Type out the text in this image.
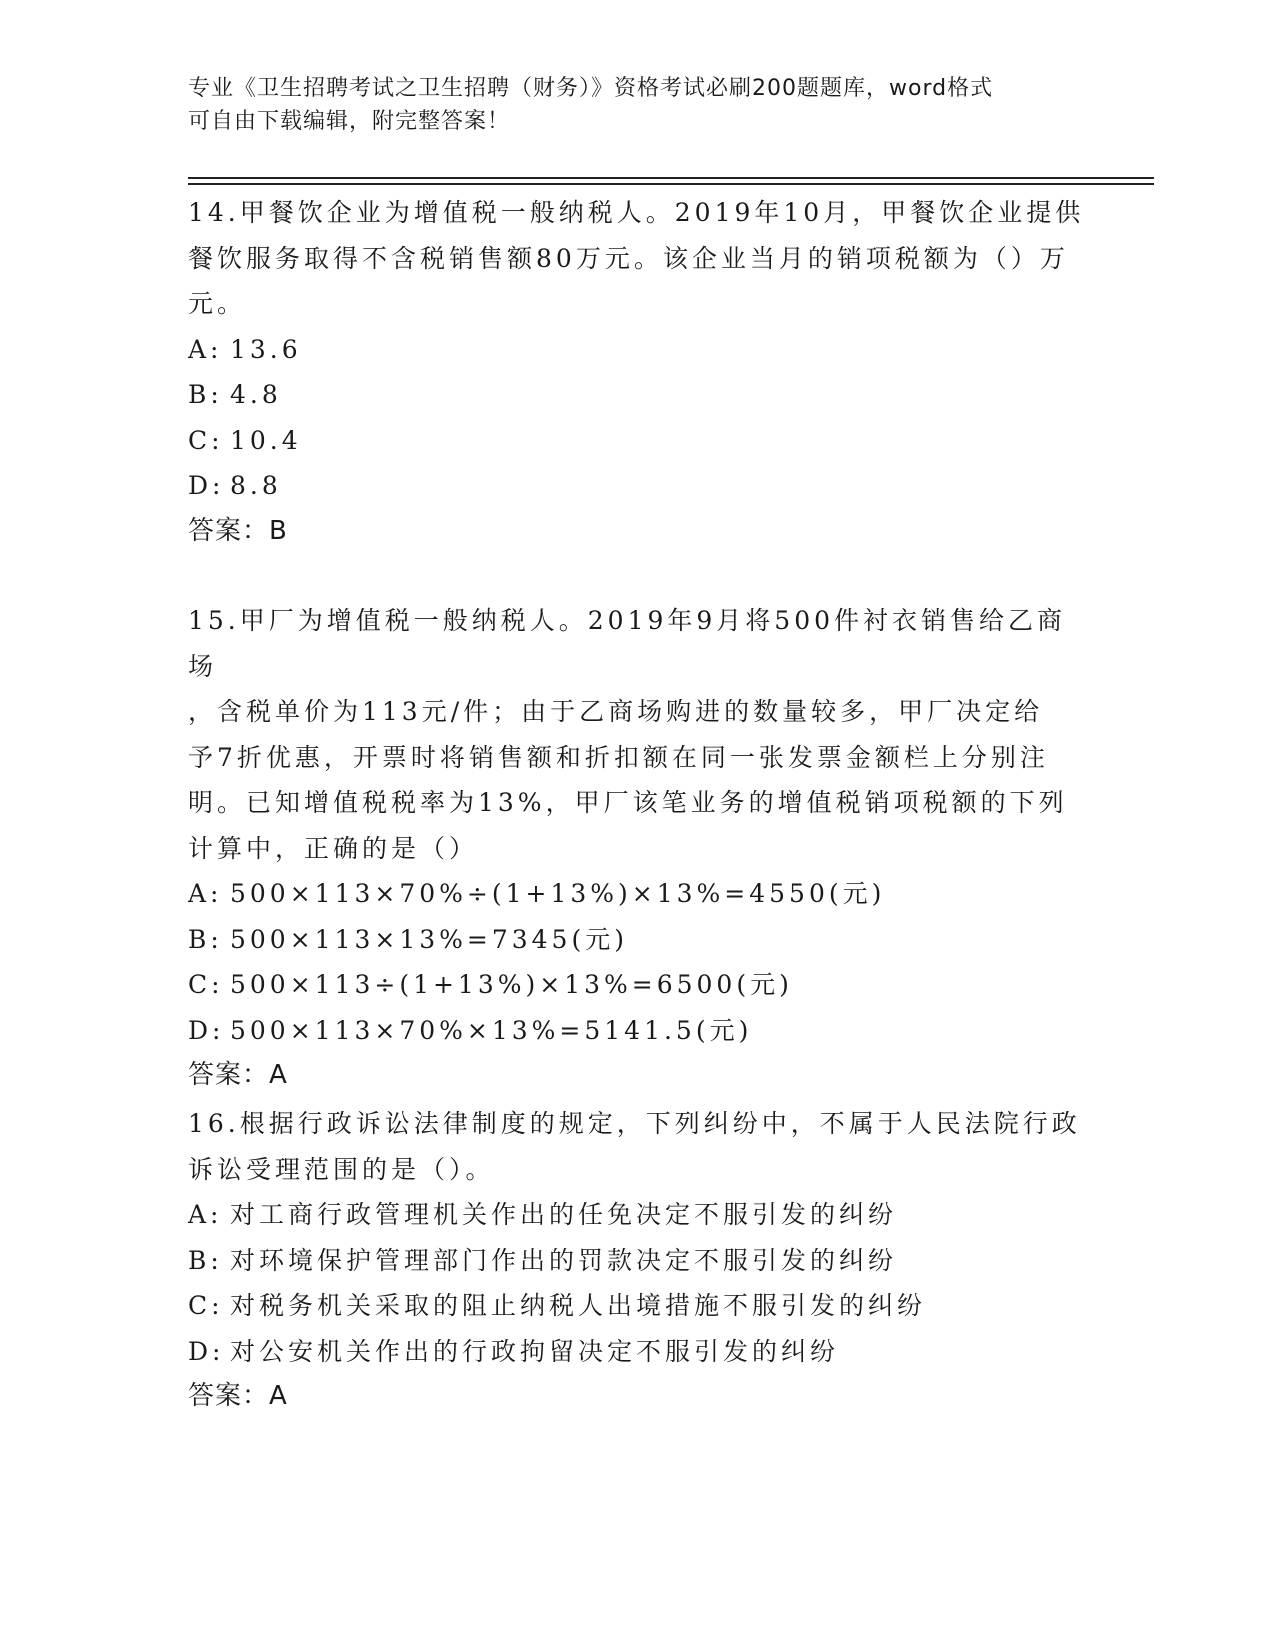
专业《卫生招聘考试之卫生招聘（财务）》资格考试必刷200题题库，word格式
可自由下载编辑，附完整答案！
14.甲餐饮企业为增值税一般纳税人。2019年10月，甲餐饮企业提供
餐饮服务取得不含税销售额80万元。该企业当月的销项税额为（）万
元。
A: 13.6
B: 4.8
C: 10.4
D: 8.8
答案：B
15.甲厂为增值税一般纳税人。2019年9月将500件衬衣销售给乙商场
，含税单价为113元/件；由于乙商场购进的数量较多，甲厂决定给
予7折优惠，开票时将销售额和折扣额在同一张发票金额栏上分别注
明。已知增值税税率为13%，甲厂该笔业务的增值税销项税额的下列
计算中，正确的是（）
A: 500×113×70%÷(1+13%)×13%=4550(元)
B: 500×113×13%=7345(元)
C: 500×113÷(1+13%)×13%=6500(元)
D: 500×113×70%×13%=5141.5(元)
答案：A
16.根据行政诉讼法律制度的规定，下列纠纷中，不属于人民法院行政
诉讼受理范围的是（）。
A: 对工商行政管理机关作出的任免决定不服引发的纠纷
B: 对环境保护管理部门作出的罚款决定不服引发的纠纷
C: 对税务机关采取的阻止纳税人出境措施不服引发的纠纷
D: 对公安机关作出的行政拘留决定不服引发的纠纷
答案：A
